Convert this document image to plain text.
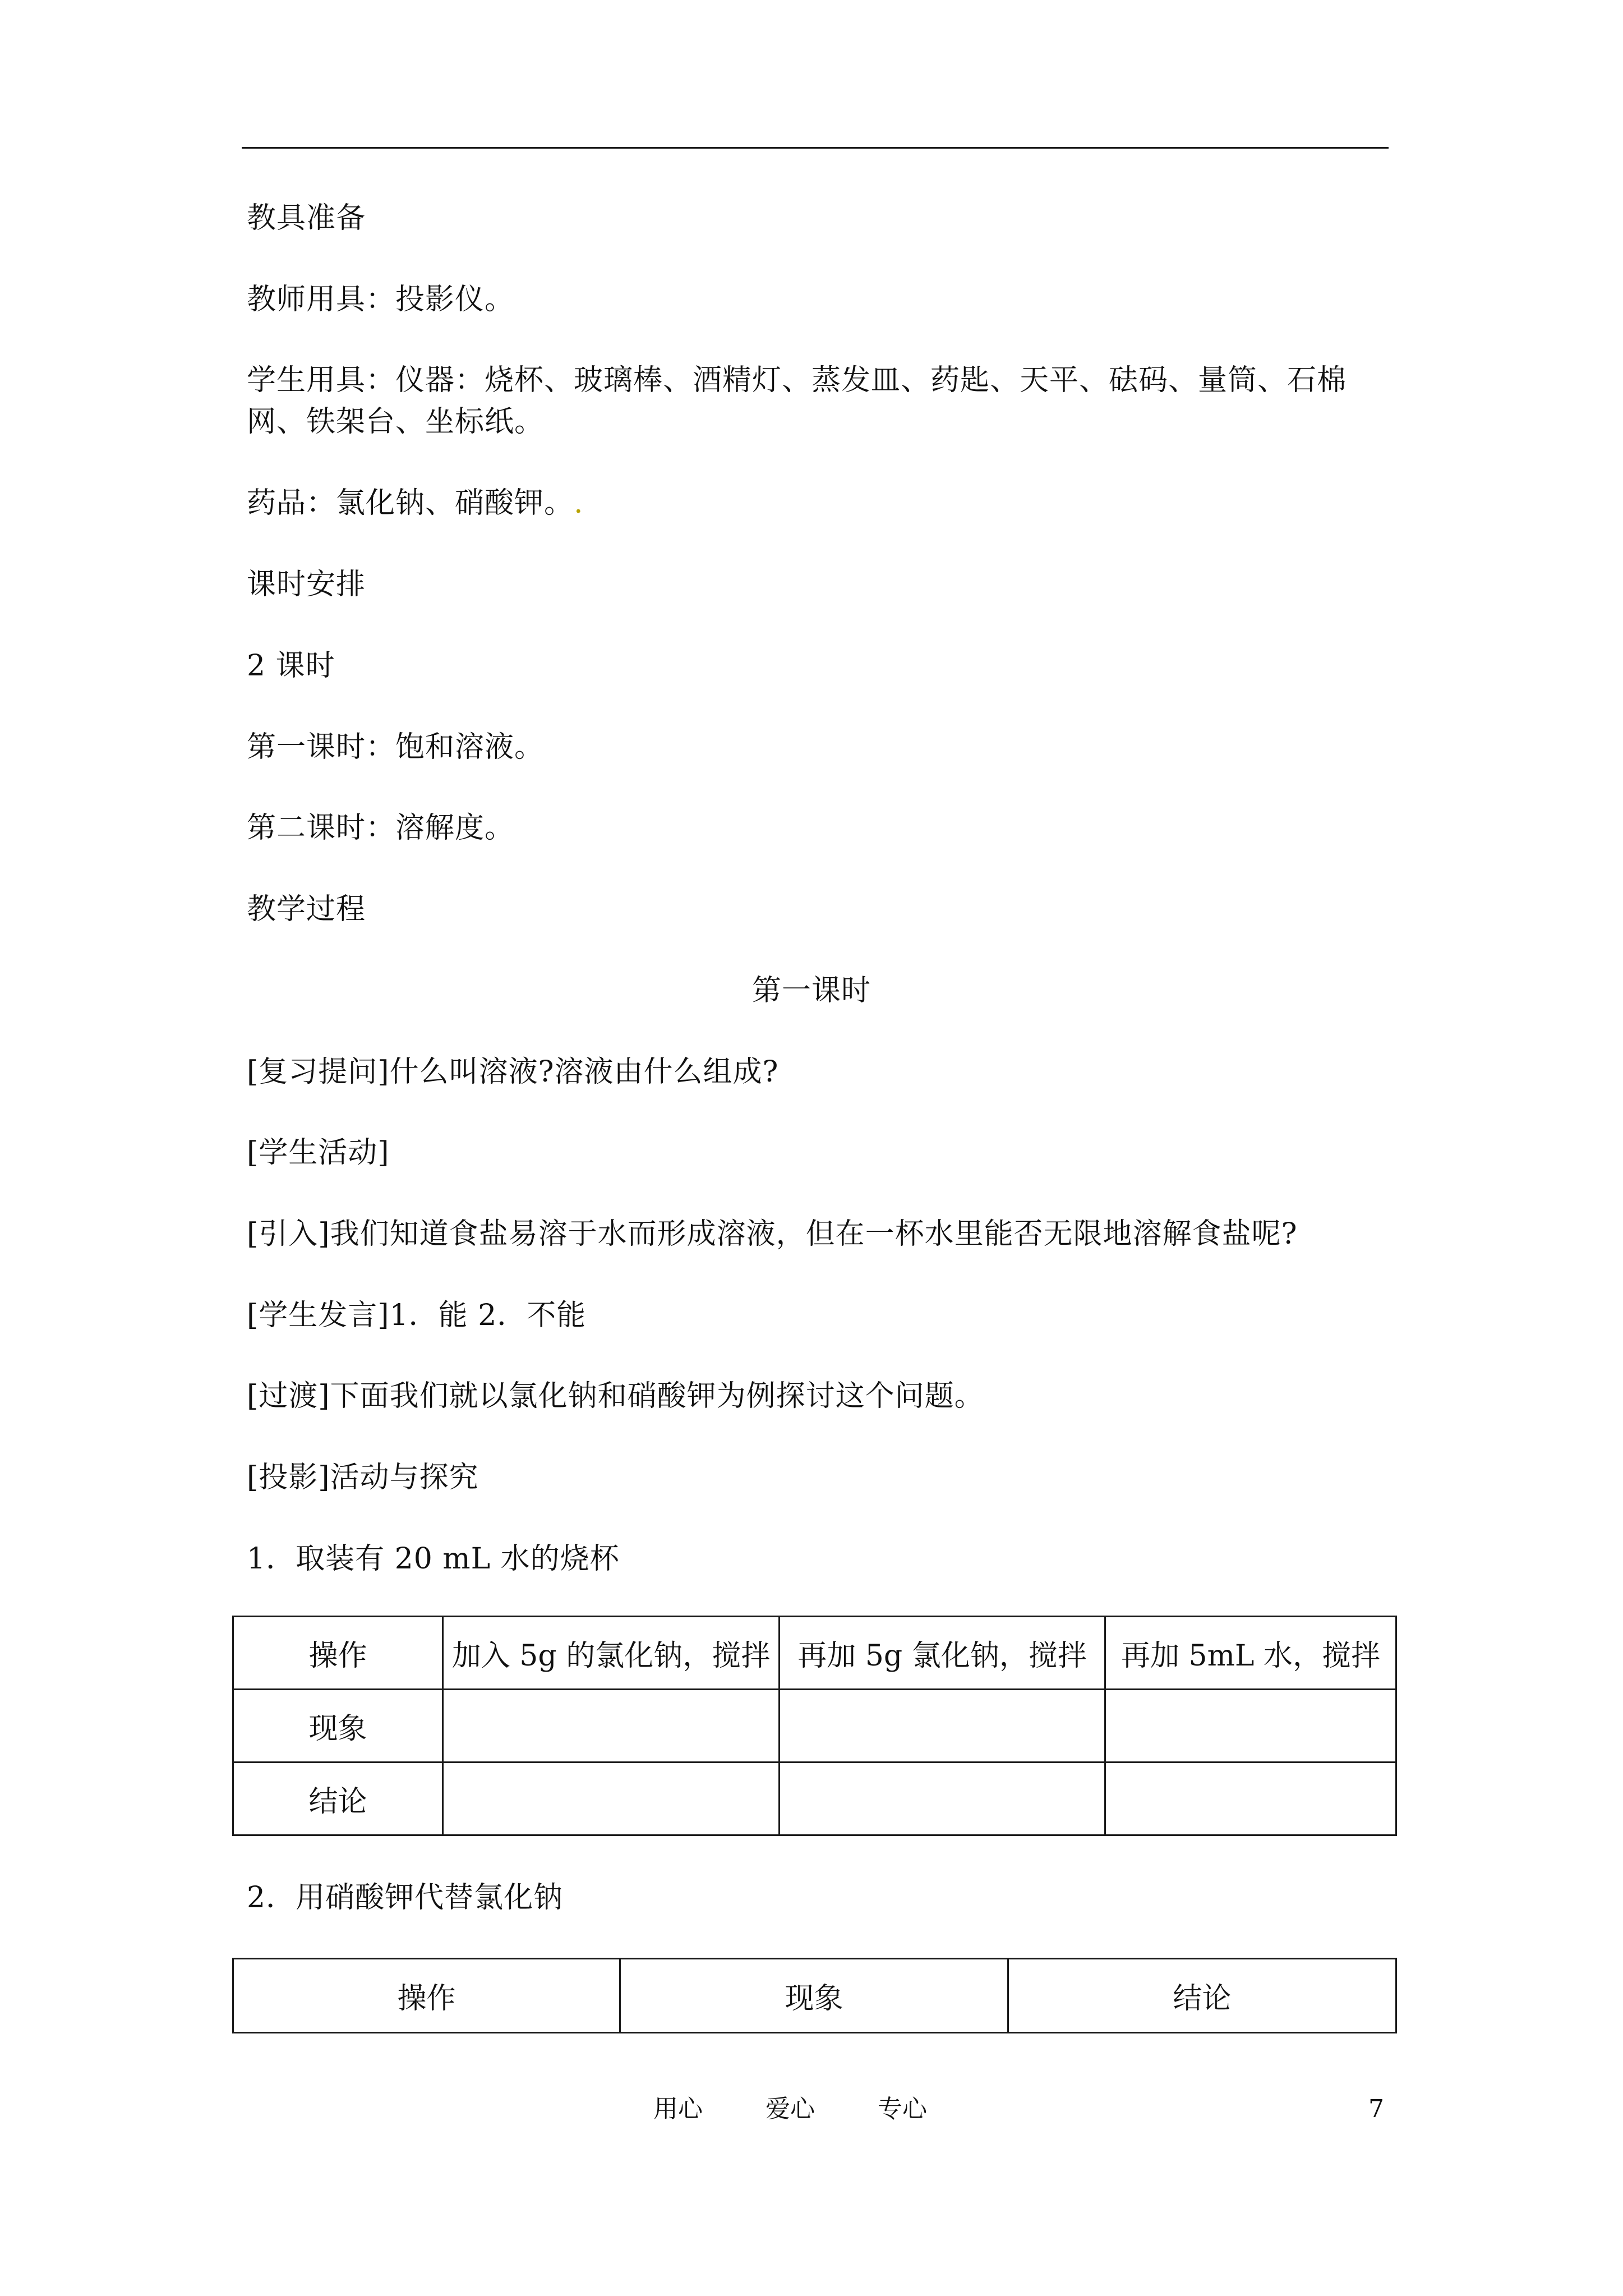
教具准备
教师用具：投影仪。
学生用具：仪器：烧杯、玻璃棒、酒精灯、蒸发皿、药匙、天平、砝码、量筒、石棉网、铁架台、坐标纸。
药品：氯化钠、硝酸钾。.
课时安排
2 课时
第一课时：饱和溶液。
第二课时：溶解度。
教学过程
第一课时
[复习提问]什么叫溶液?溶液由什么组成?
[学生活动]
[引入]我们知道食盐易溶于水而形成溶液，但在一杯水里能否无限地溶解食盐呢?
[学生发言]1．能 2．不能
[过渡]下面我们就以氯化钠和硝酸钾为例探讨这个问题。
[投影]活动与探究
1．取装有 20 mL 水的烧杯
操作	加入 5g 的氯化钠，搅拌	再加 5g 氯化钠，搅拌	再加 5mL 水，搅拌
现象			
结论			
2．用硝酸钾代替氯化钠
操作	现象	结论
用心	爱心	专心	7
